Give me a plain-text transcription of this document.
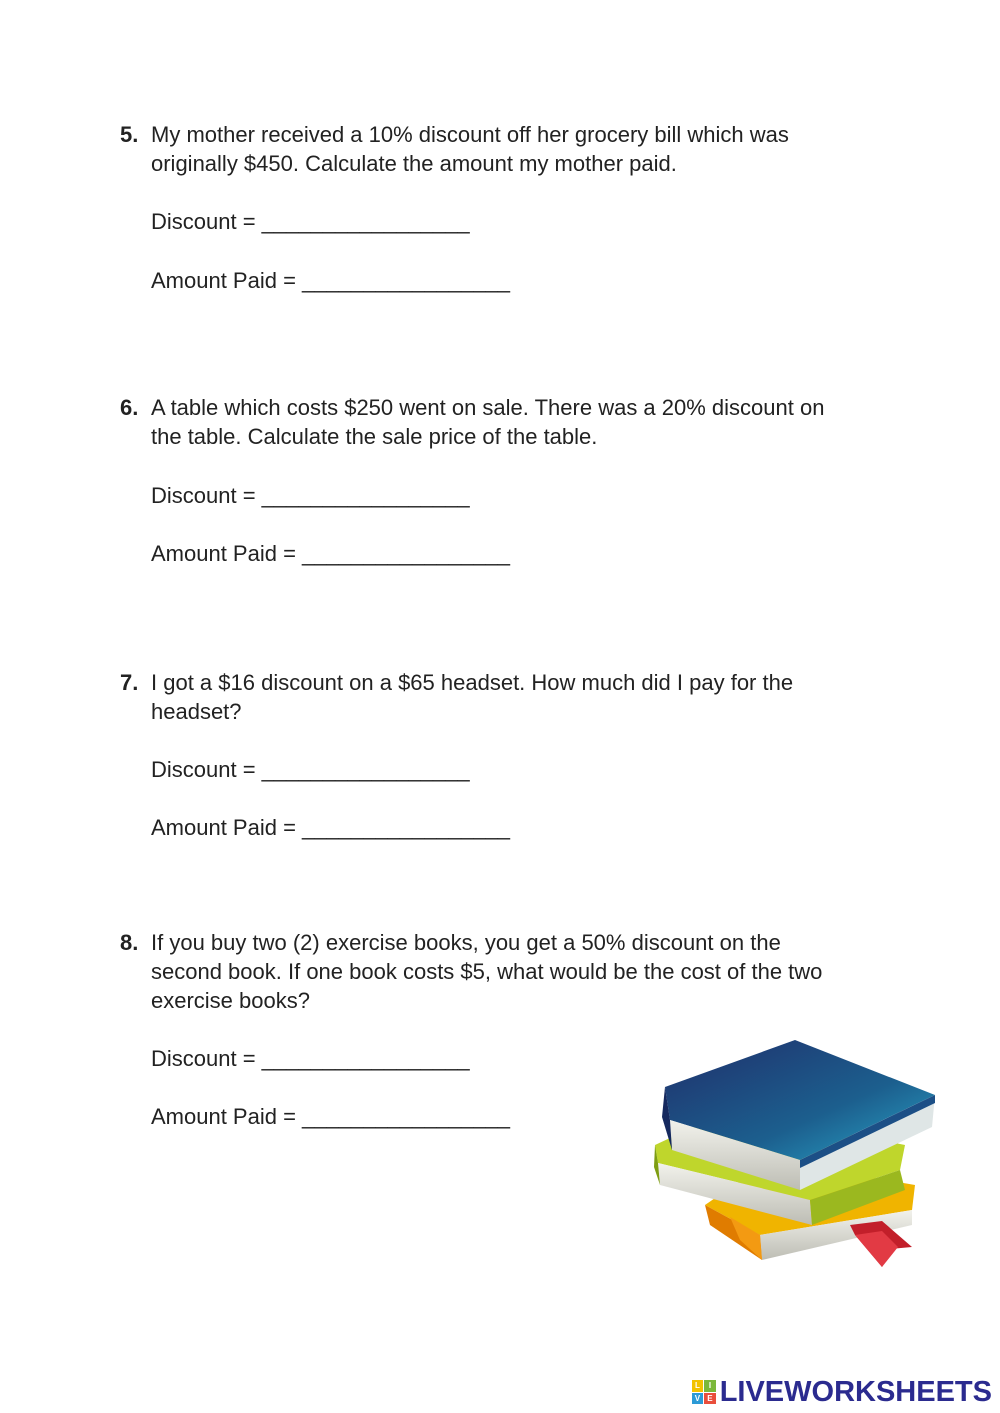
5. My mother received a 10% discount off her grocery bill which was
originally $450. Calculate the amount my mother paid.
Discount = _________________
Amount Paid = _________________
6. A table which costs $250 went on sale. There was a 20% discount on
the table. Calculate the sale price of the table.
Discount = _________________
Amount Paid = _________________
7. I got a $16 discount on a $65 headset. How much did I pay for the
headset?
Discount = _________________
Amount Paid = _________________
8. If you buy two (2) exercise books, you get a 50% discount on the
second book. If one book costs $5, what would be the cost of the two
exercise books?
Discount = _________________
Amount Paid = _________________
L	I
V E LIVEWORKSHEETS
